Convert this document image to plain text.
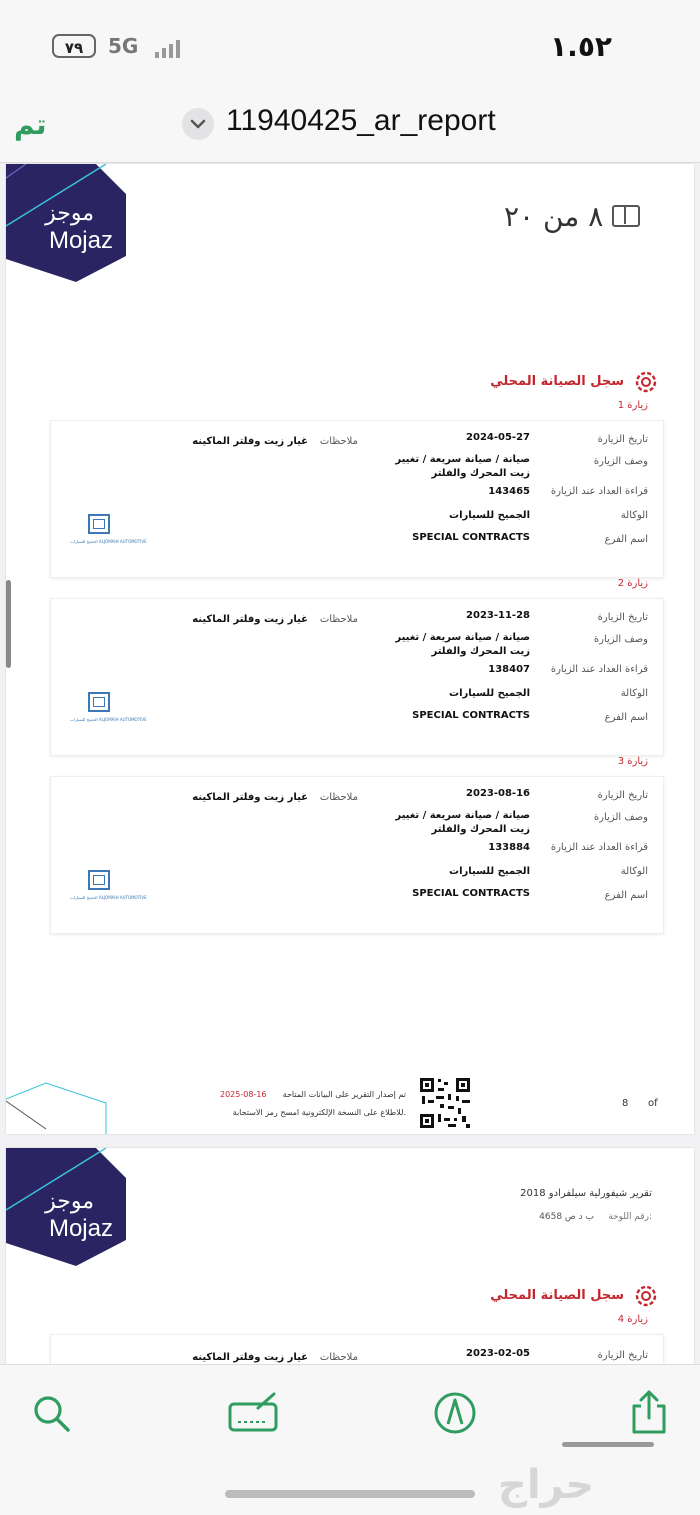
٧٩	5G	١.٥٢
تم	11940425_ar_report
موجز
Mojaz
سجل الصيانة المحلي
زيارة 1
تاريخ الزيارة
2024-05-27
ملاحظات
غيار زيت وفلتر الماكينه
وصف الزيارة
صيانة / صيانة سريعة / تغيير
زيت المحرك والفلتر
قراءة العداد عند الزيارة
143465
الوكالة
الجميح للسيارات
اسم الفرع
SPECIAL CONTRACTS
الجميح للسيارات ALJOMAIH AUTOMOTIVE
زيارة 2
تاريخ الزيارة
2023-11-28
ملاحظات
غيار زيت وفلتر الماكينه
وصف الزيارة
صيانة / صيانة سريعة / تغيير
زيت المحرك والفلتر
قراءة العداد عند الزيارة
138407
الوكالة
الجميح للسيارات
اسم الفرع
SPECIAL CONTRACTS
الجميح للسيارات ALJOMAIH AUTOMOTIVE
زيارة 3
تاريخ الزيارة
2023-08-16
ملاحظات
غيار زيت وفلتر الماكينه
وصف الزيارة
صيانة / صيانة سريعة / تغيير
زيت المحرك والفلتر
قراءة العداد عند الزيارة
133884
الوكالة
الجميح للسيارات
اسم الفرع
SPECIAL CONTRACTS
الجميح للسيارات ALJOMAIH AUTOMOTIVE
تم إصدار التقرير على البيانات المتاحة
2025-08-16
للاطلاع على النسخة الإلكترونية امسح رمز الاستجابة.
8 of
٨ من ٢٠
موجز
Mojaz
تقرير شيفورلية سيلفرادو 2018
رقم اللوحة:
ب د ص 4658
سجل الصيانة المحلي
زيارة 4
تاريخ الزيارة
2023-02-05
ملاحظات
غيار زيت وفلتر الماكينه
حراج
